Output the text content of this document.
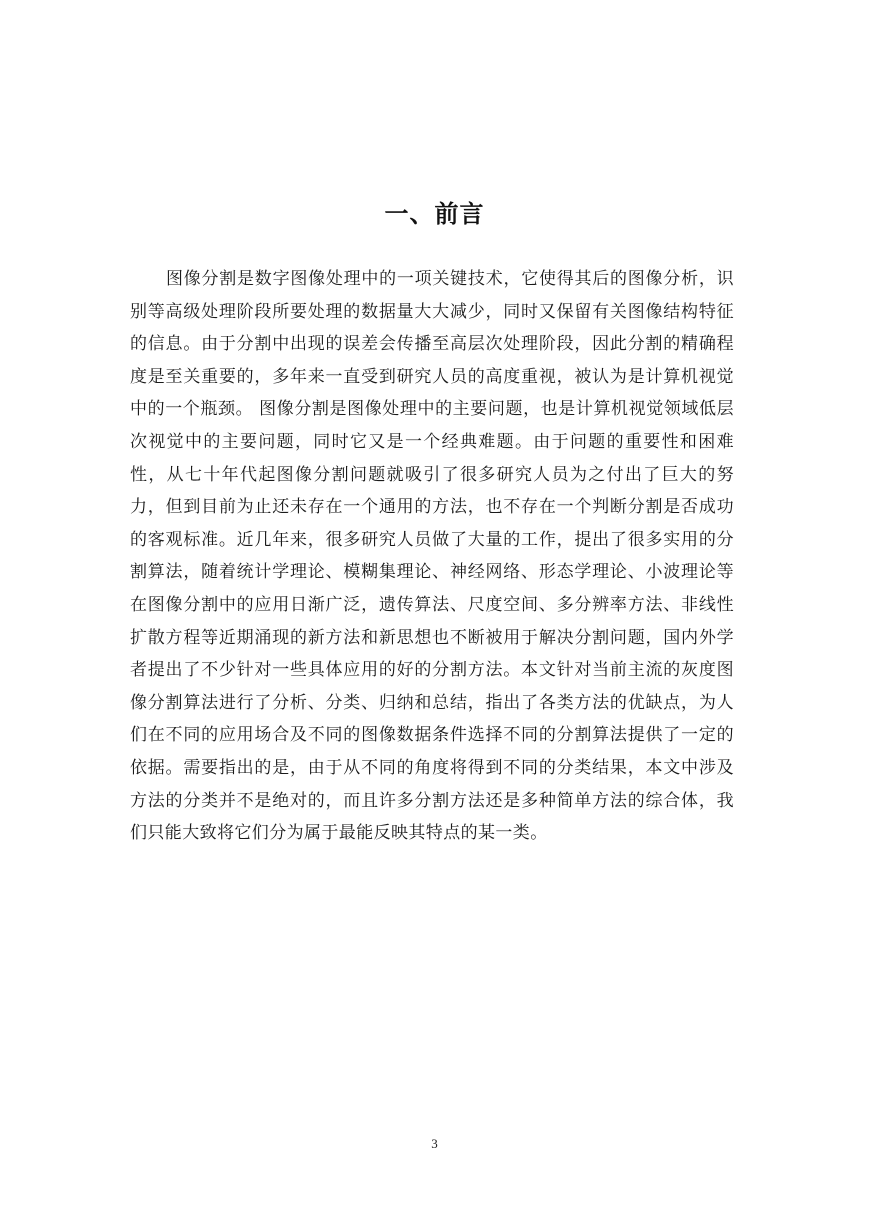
一、前言

图像分割是数字图像处理中的一项关键技术，它使得其后的图像分析，识别等高级处理阶段所要处理的数据量大大减少，同时又保留有关图像结构特征的信息。由于分割中出现的误差会传播至高层次处理阶段，因此分割的精确程度是至关重要的，多年来一直受到研究人员的高度重视，被认为是计算机视觉中的一个瓶颈。 图像分割是图像处理中的主要问题，也是计算机视觉领域低层次视觉中的主要问题，同时它又是一个经典难题。由于问题的重要性和困难性，从七十年代起图像分割问题就吸引了很多研究人员为之付出了巨大的努力，但到目前为止还未存在一个通用的方法，也不存在一个判断分割是否成功的客观标准。近几年来，很多研究人员做了大量的工作，提出了很多实用的分割算法，随着统计学理论、模糊集理论、神经网络、形态学理论、小波理论等在图像分割中的应用日渐广泛，遗传算法、尺度空间、多分辨率方法、非线性扩散方程等近期涌现的新方法和新思想也不断被用于解决分割问题，国内外学者提出了不少针对一些具体应用的好的分割方法。本文针对当前主流的灰度图像分割算法进行了分析、分类、归纳和总结，指出了各类方法的优缺点，为人们在不同的应用场合及不同的图像数据条件选择不同的分割算法提供了一定的依据。需要指出的是，由于从不同的角度将得到不同的分类结果，本文中涉及方法的分类并不是绝对的，而且许多分割方法还是多种简单方法的综合体，我们只能大致将它们分为属于最能反映其特点的某一类。

3
